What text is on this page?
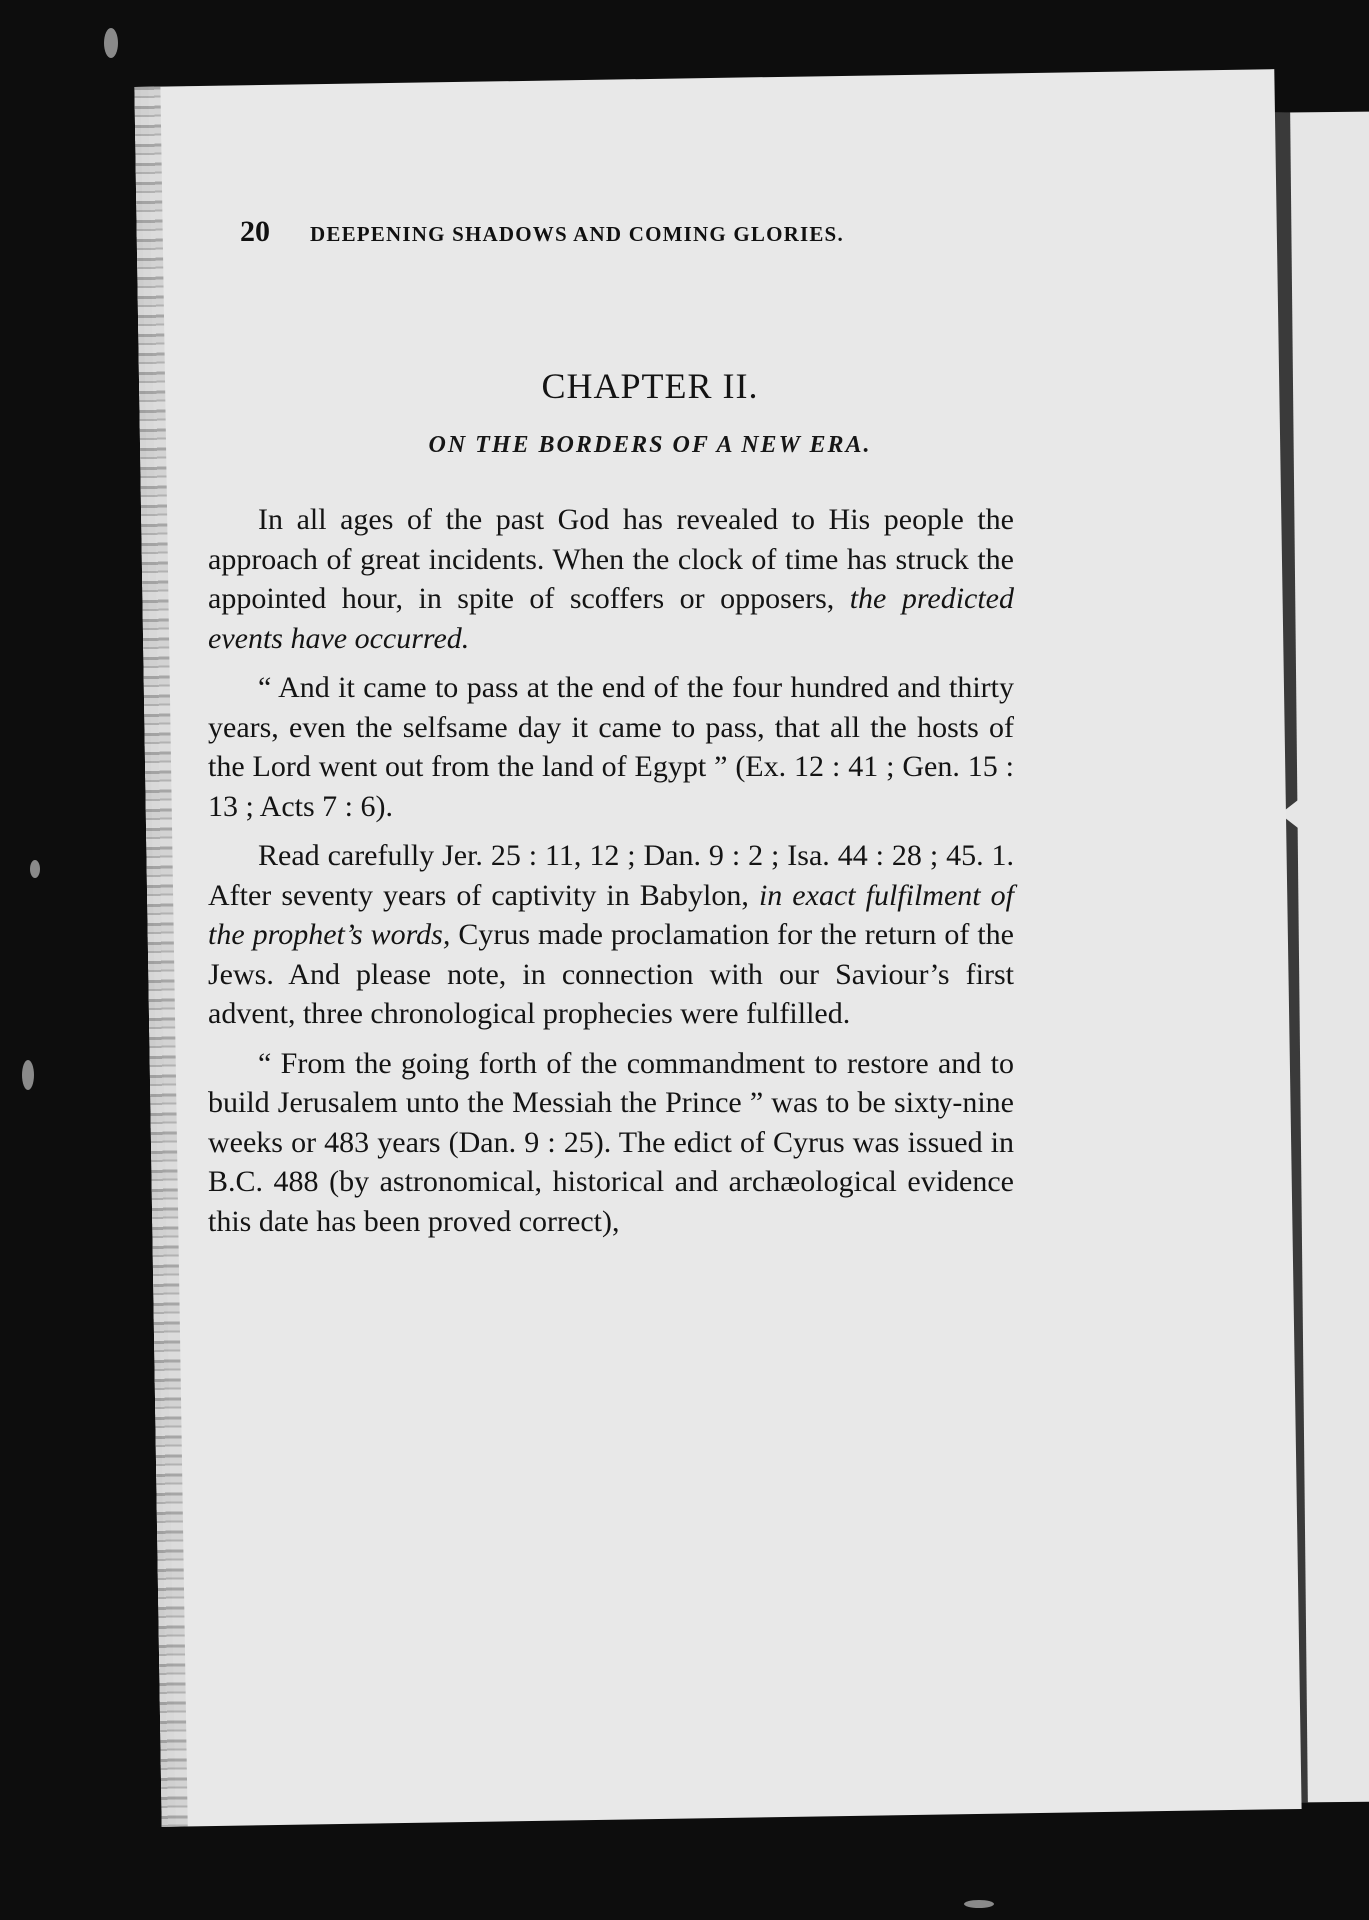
20 DEEPENING SHADOWS AND COMING GLORIES.
CHAPTER II.
ON THE BORDERS OF A NEW ERA.

In all ages of the past God has revealed to His people the approach of great incidents. When the clock of time has struck the appointed hour, in spite of scoffers or opposers, the predicted events have occurred.

“ And it came to pass at the end of the four hundred and thirty years, even the selfsame day it came to pass, that all the hosts of the Lord went out from the land of Egypt ” (Ex. 12 : 41 ; Gen. 15 : 13 ; Acts 7 : 6).

Read carefully Jer. 25 : 11, 12 ; Dan. 9 : 2 ; Isa. 44 : 28 ; 45. 1. After seventy years of captivity in Babylon, in exact fulfilment of the prophet’s words, Cyrus made proclamation for the return of the Jews. And please note, in connection with our Saviour’s first advent, three chronological prophecies were fulfilled.

“ From the going forth of the commandment to restore and to build Jerusalem unto the Messiah the Prince ” was to be sixty-nine weeks or 483 years (Dan. 9 : 25). The edict of Cyrus was issued in B.C. 488 (by astronomical, historical and archæological evidence this date has been proved correct),
